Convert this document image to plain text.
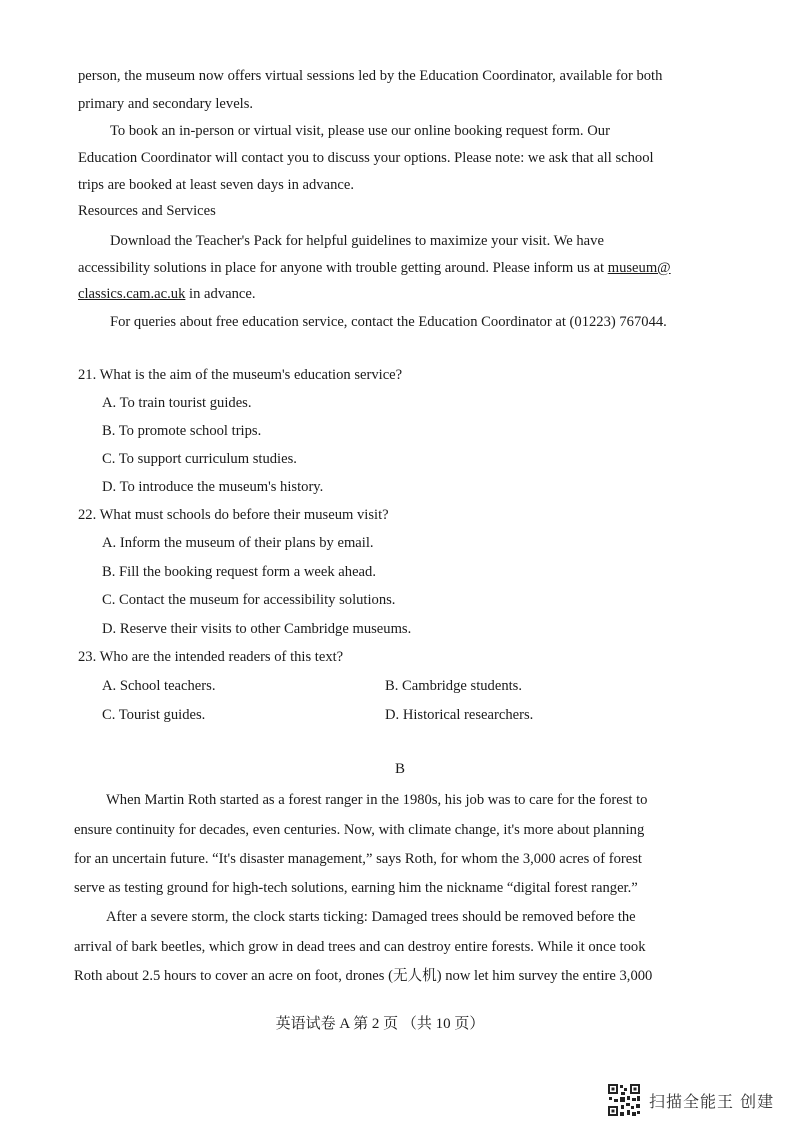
person, the museum now offers virtual sessions led by the Education Coordinator, available for both
primary and secondary levels.
To book an in-person or virtual visit, please use our online booking request form. Our
Education Coordinator will contact you to discuss your options. Please note: we ask that all school
trips are booked at least seven days in advance.
Resources and Services
Download the Teacher's Pack for helpful guidelines to maximize your visit. We have
accessibility solutions in place for anyone with trouble getting around. Please inform us at museum@
classics.cam.ac.uk in advance.
For queries about free education service, contact the Education Coordinator at (01223) 767044.
21. What is the aim of the museum's education service?
A. To train tourist guides.
B. To promote school trips.
C. To support curriculum studies.
D. To introduce the museum's history.
22. What must schools do before their museum visit?
A. Inform the museum of their plans by email.
B. Fill the booking request form a week ahead.
C. Contact the museum for accessibility solutions.
D. Reserve their visits to other Cambridge museums.
23. Who are the intended readers of this text?
A. School teachers.	B. Cambridge students.
C. Tourist guides.	D. Historical researchers.
B
When Martin Roth started as a forest ranger in the 1980s, his job was to care for the forest to
ensure continuity for decades, even centuries. Now, with climate change, it's more about planning
for an uncertain future. “It's disaster management,” says Roth, for whom the 3,000 acres of forest
serve as testing ground for high-tech solutions, earning him the nickname “digital forest ranger.”
After a severe storm, the clock starts ticking: Damaged trees should be removed before the
arrival of bark beetles, which grow in dead trees and can destroy entire forests. While it once took
Roth about 2.5 hours to cover an acre on foot, drones (无人机) now let him survey the entire 3,000
英语试卷 A 第 2 页 （共 10 页）
扫描全能王 创建
